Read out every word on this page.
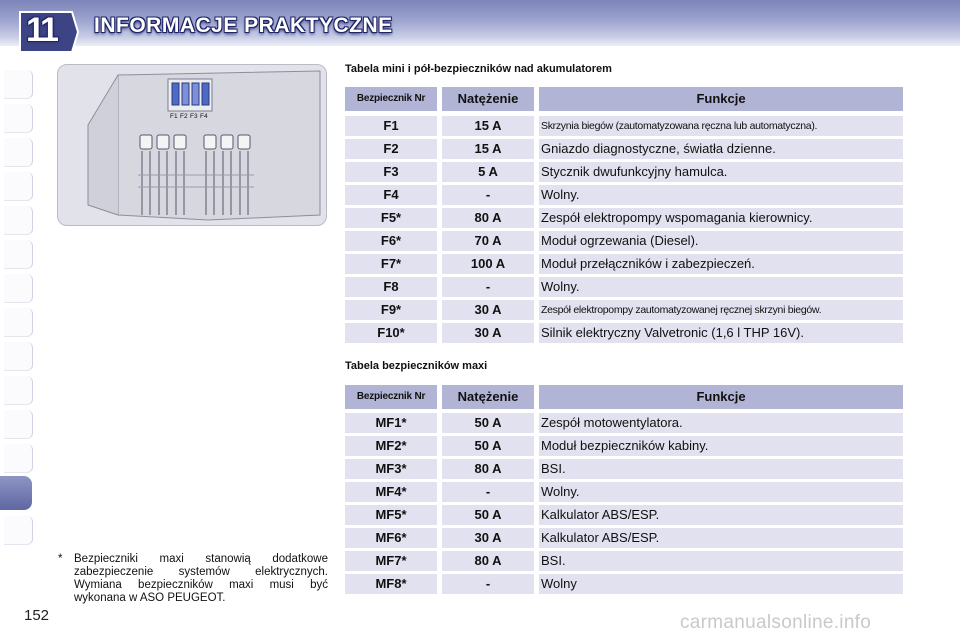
11	INFORMACJE PRAKTYCZNE
F1 F2 F3 F4
Tabela mini i pół-bezpieczników nad akumulatorem
Bezpiecznik Nr	Natężenie	Funkcje
F1	15 A	Skrzynia biegów (zautomatyzowana ręczna lub automatyczna).
F2	15 A	Gniazdo diagnostyczne, światła dzienne.
F3	5 A	Stycznik dwufunkcyjny hamulca.
F4	-	Wolny.
F5*	80 A	Zespół elektropompy wspomagania kierownicy.
F6*	70 A	Moduł ogrzewania (Diesel).
F7*	100 A	Moduł przełączników i zabezpieczeń.
F8	-	Wolny.
F9*	30 A	Zespół elektropompy zautomatyzowanej ręcznej skrzyni biegów.
F10*	30 A	Silnik elektryczny Valvetronic (1,6 l THP 16V).
Tabela bezpieczników maxi
Bezpiecznik Nr	Natężenie	Funkcje
MF1*	50 A	Zespół motowentylatora.
MF2*	50 A	Moduł bezpieczników kabiny.
MF3*	80 A	BSI.
MF4*	-	Wolny.
MF5*	50 A	Kalkulator ABS/ESP.
MF6*	30 A	Kalkulator ABS/ESP.
MF7*	80 A	BSI.
MF8*	-	Wolny
* Bezpieczniki maxi stanowią dodatkowe zabezpieczenie systemów elektrycznych. Wymiana bezpieczników maxi musi być wykonana w ASO PEUGEOT.
152	carmanualsonline.info
